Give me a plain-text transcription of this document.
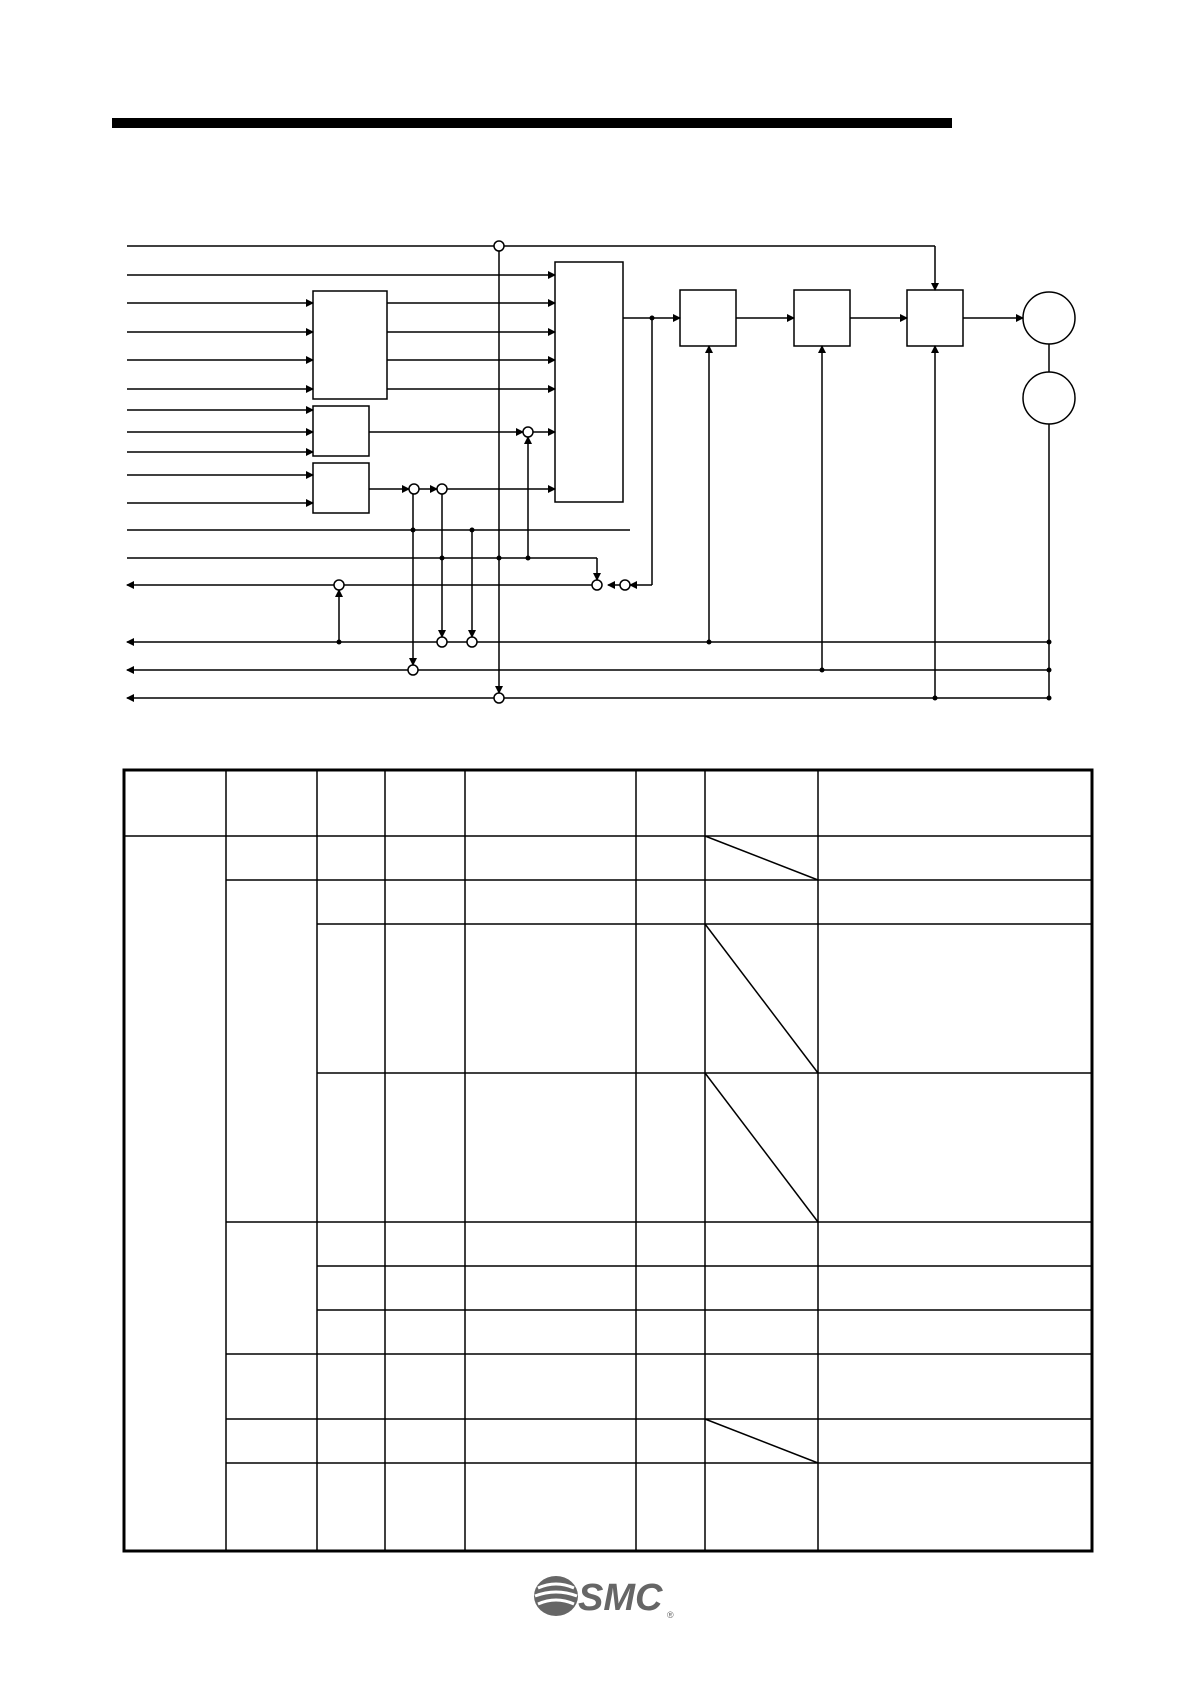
SMC ®
